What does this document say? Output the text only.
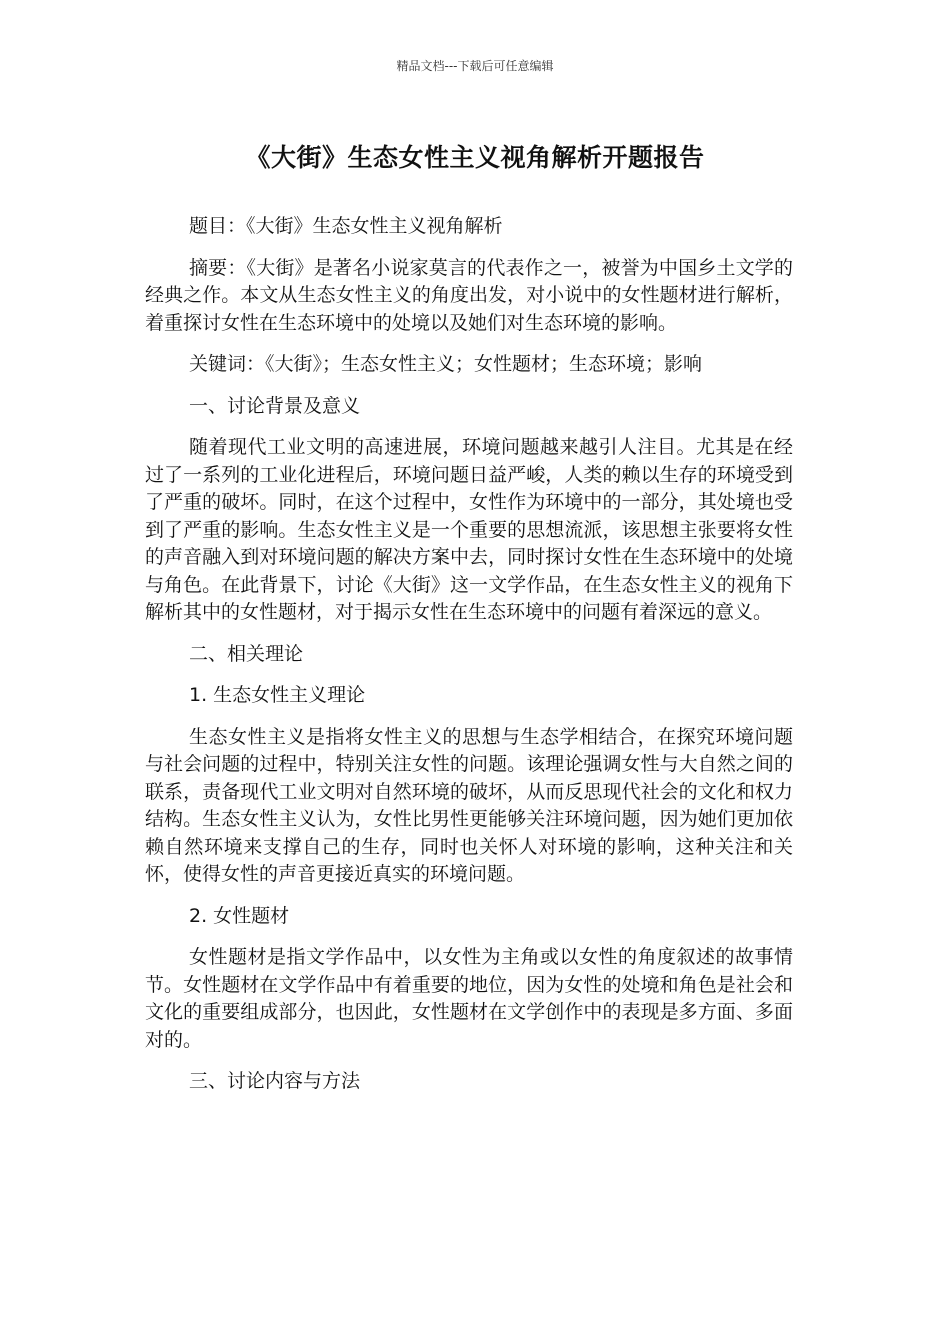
精品文档---下载后可任意编辑
《大街》生态女性主义视角解析开题报告

题目：《大街》生态女性主义视角解析

摘要：《大街》是著名小说家莫言的代表作之一，被誉为中国乡土文学的经典之作。本文从生态女性主义的角度出发，对小说中的女性题材进行解析，着重探讨女性在生态环境中的处境以及她们对生态环境的影响。

关键词：《大街》；生态女性主义；女性题材；生态环境；影响

一、讨论背景及意义

随着现代工业文明的高速进展，环境问题越来越引人注目。尤其是在经过了一系列的工业化进程后，环境问题日益严峻，人类的赖以生存的环境受到了严重的破坏。同时，在这个过程中，女性作为环境中的一部分，其处境也受到了严重的影响。生态女性主义是一个重要的思想流派，该思想主张要将女性的声音融入到对环境问题的解决方案中去，同时探讨女性在生态环境中的处境与角色。在此背景下，讨论《大街》这一文学作品，在生态女性主义的视角下解析其中的女性题材，对于揭示女性在生态环境中的问题有着深远的意义。

二、相关理论

1. 生态女性主义理论

生态女性主义是指将女性主义的思想与生态学相结合，在探究环境问题与社会问题的过程中，特别关注女性的问题。该理论强调女性与大自然之间的联系，责备现代工业文明对自然环境的破坏，从而反思现代社会的文化和权力结构。生态女性主义认为，女性比男性更能够关注环境问题，因为她们更加依赖自然环境来支撑自己的生存，同时也关怀人对环境的影响，这种关注和关怀，使得女性的声音更接近真实的环境问题。

2. 女性题材

女性题材是指文学作品中，以女性为主角或以女性的角度叙述的故事情节。女性题材在文学作品中有着重要的地位，因为女性的处境和角色是社会和文化的重要组成部分，也因此，女性题材在文学创作中的表现是多方面、多面对的。

三、讨论内容与方法
